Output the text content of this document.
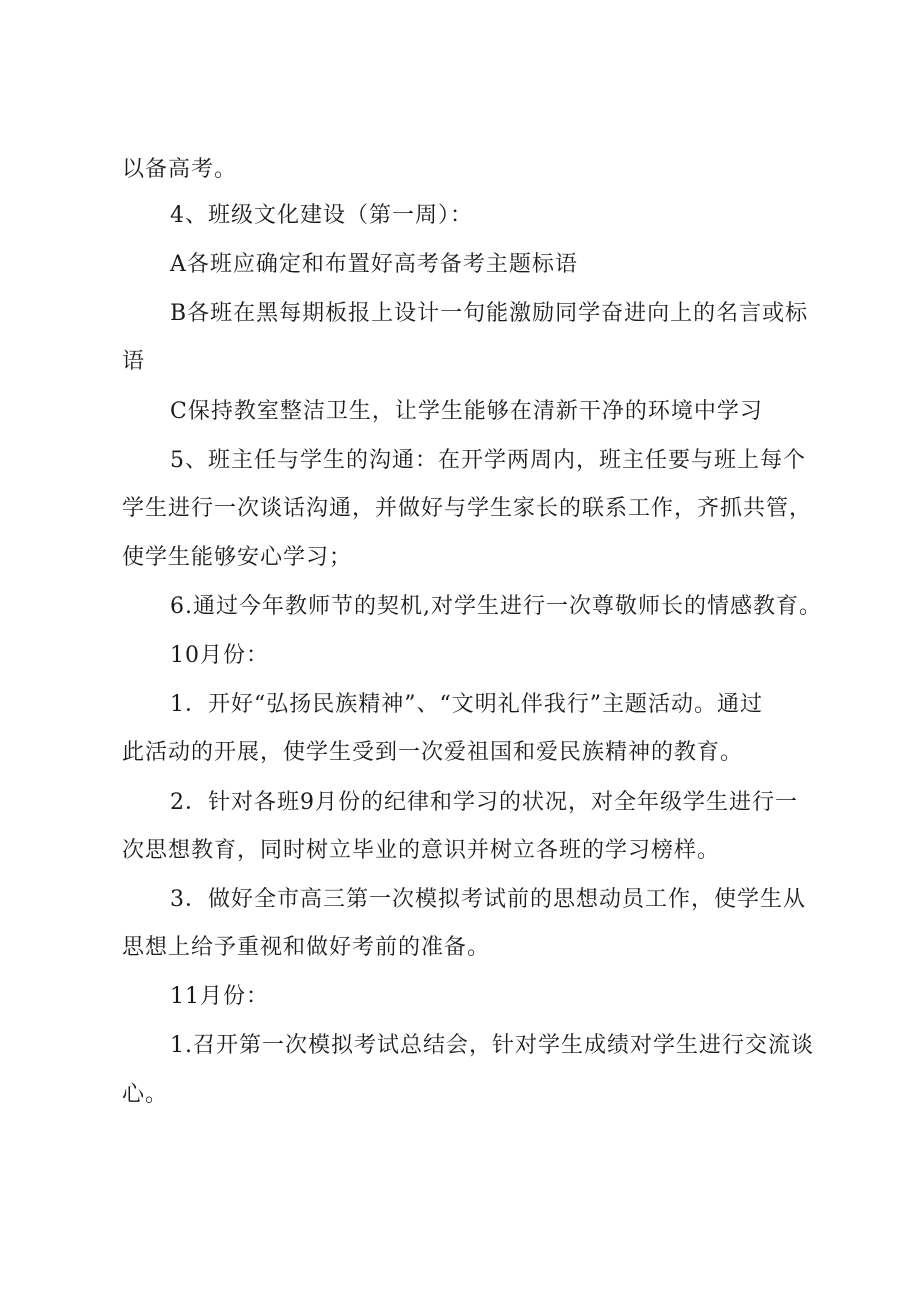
以备高考。
4、班级文化建设（第一周）：
A各班应确定和布置好高考备考主题标语
B各班在黑每期板报上设计一句能激励同学奋进向上的名言或标
语
C保持教室整洁卫生，让学生能够在清新干净的环境中学习
5、班主任与学生的沟通：在开学两周内，班主任要与班上每个
学生进行一次谈话沟通，并做好与学生家长的联系工作，齐抓共管，
使学生能够安心学习；
6.通过今年教师节的契机,对学生进行一次尊敬师长的情感教育。
10月份：
1．开好“弘扬民族精神”、“文明礼伴我行”主题活动。通过
此活动的开展，使学生受到一次爱祖国和爱民族精神的教育。
2．针对各班9月份的纪律和学习的状况，对全年级学生进行一
次思想教育，同时树立毕业的意识并树立各班的学习榜样。
3．做好全市高三第一次模拟考试前的思想动员工作，使学生从
思想上给予重视和做好考前的准备。
11月份：
1.召开第一次模拟考试总结会，针对学生成绩对学生进行交流谈
心。
